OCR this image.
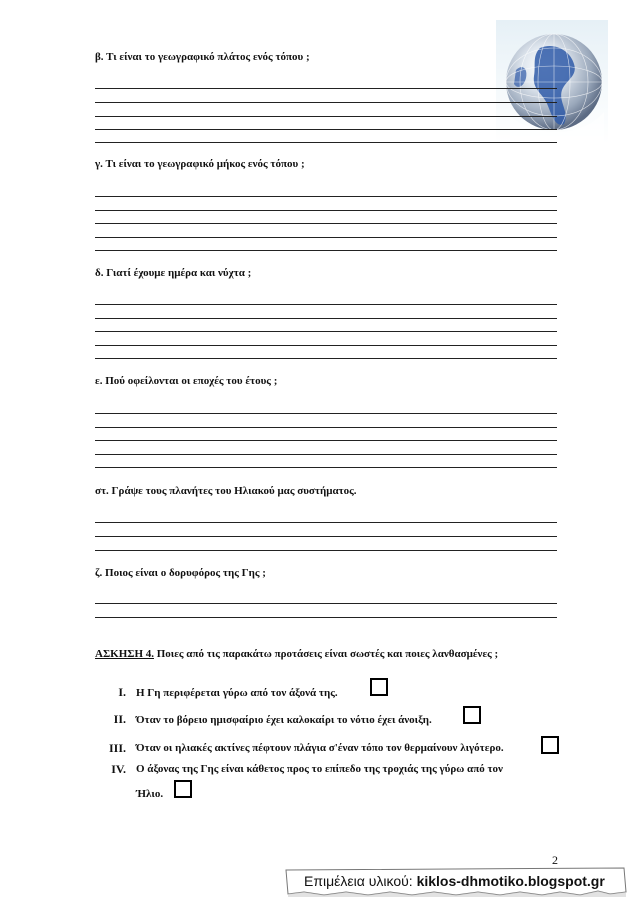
β. Τι είναι το γεωγραφικό πλάτος ενός τόπου ;
γ. Τι είναι το γεωγραφικό μήκος ενός τόπου ;
δ. Γιατί έχουμε ημέρα και νύχτα ;
ε. Πού οφείλονται οι εποχές του έτους ;
στ. Γράψε τους πλανήτες του Ηλιακού μας συστήματος.
ζ. Ποιος είναι ο δορυφόρος της Γης ;
ΑΣΚΗΣΗ 4. Ποιες από τις παρακάτω προτάσεις είναι σωστές και ποιες λανθασμένες ;
I. Η Γη περιφέρεται γύρω από τον άξονά της.
II. Όταν το βόρειο ημισφαίριο έχει καλοκαίρι το νότιο έχει άνοιξη.
III. Όταν οι ηλιακές ακτίνες πέφτουν πλάγια σ'έναν τόπο τον θερμαίνουν λιγότερο.
IV. Ο άξονας της Γης είναι κάθετος προς το επίπεδο της τροχιάς της γύρω από τον
Ήλιο.
2
Επιμέλεια υλικού: kiklos-dhmotiko.blogspot.gr
